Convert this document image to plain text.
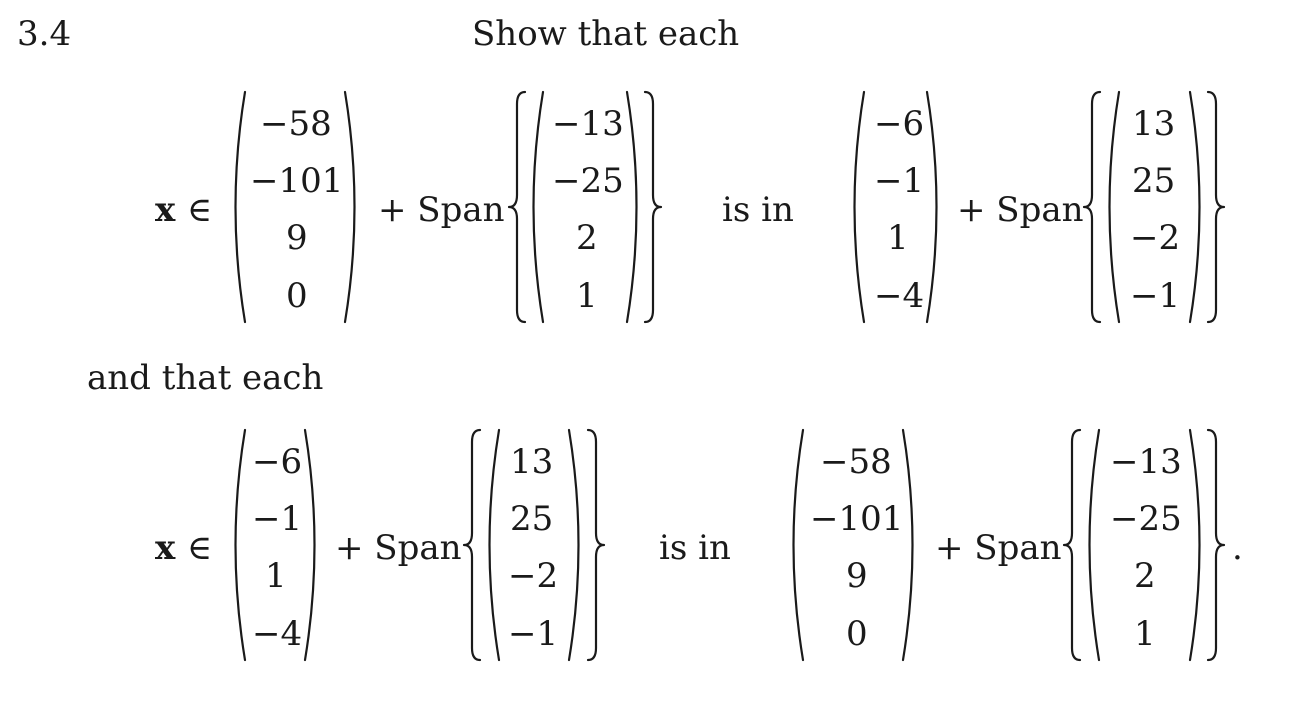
3.4	Show that each
x ∈
−58
−101
9
0
+ Span
−13
−25
2
1
is in
−6
−1
1
−4
+ Span
13
25
−2
−1
and that each
x ∈
−6
−1
1
−4
+ Span
13
25
−2
−1
is in
−58
−101
9
0
+ Span
−13
−25
2
1
.
